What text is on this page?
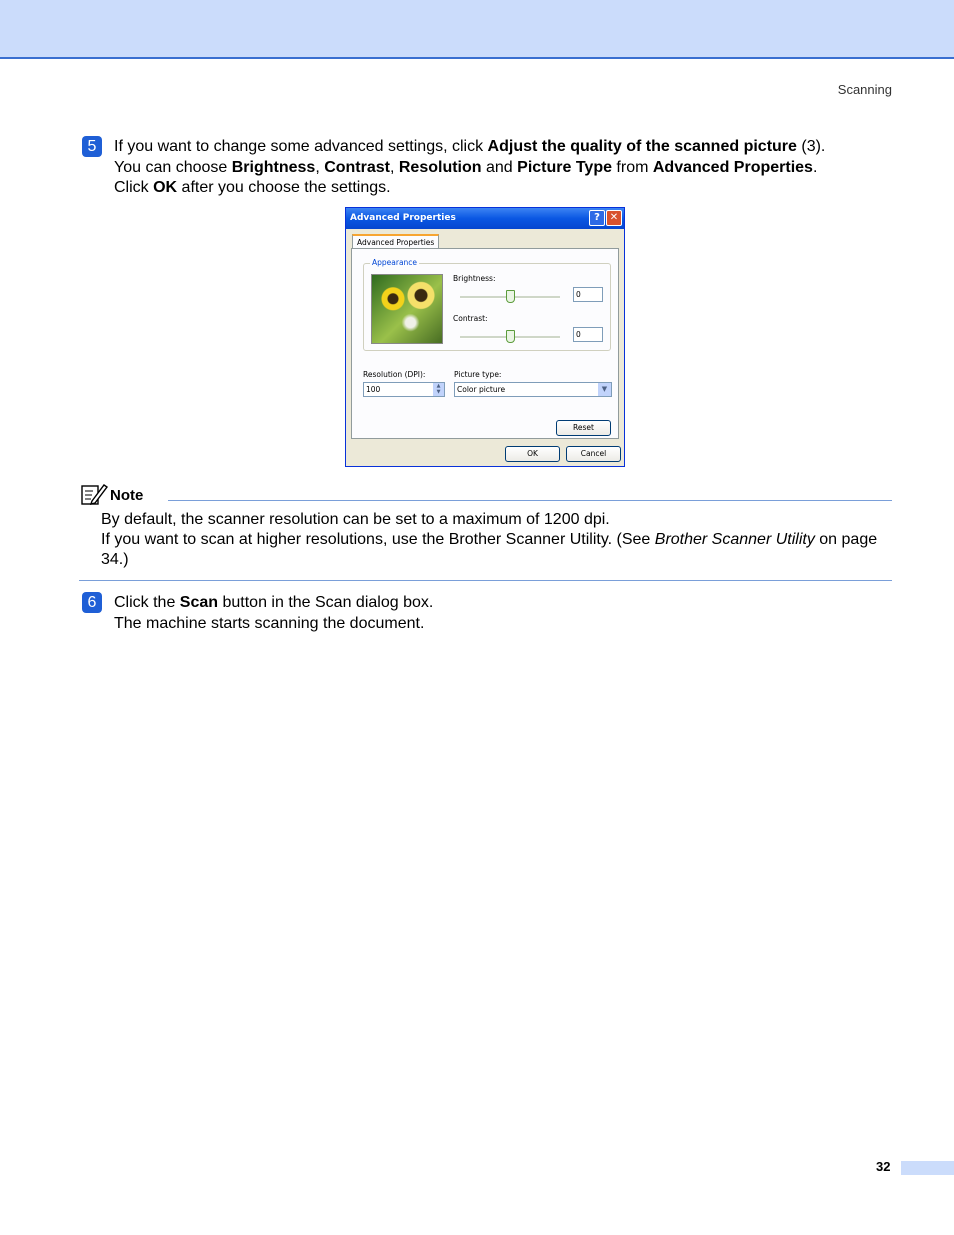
Scanning
5	If you want to change some advanced settings, click Adjust the quality of the scanned picture (3).
You can choose Brightness, Contrast, Resolution and Picture Type from Advanced Properties.
Click OK after you choose the settings.
Advanced Properties	? ✕
Advanced Properties
Appearance
Brightness:
0
Contrast:
0
Resolution (DPI):
100	▲
▼
Picture type:
Color picture	▼
Reset
OK	Cancel
Note
By default, the scanner resolution can be set to a maximum of 1200 dpi.
If you want to scan at higher resolutions, use the Brother Scanner Utility. (See Brother Scanner Utility on page 34.)
6	Click the Scan button in the Scan dialog box.
The machine starts scanning the document.
32
